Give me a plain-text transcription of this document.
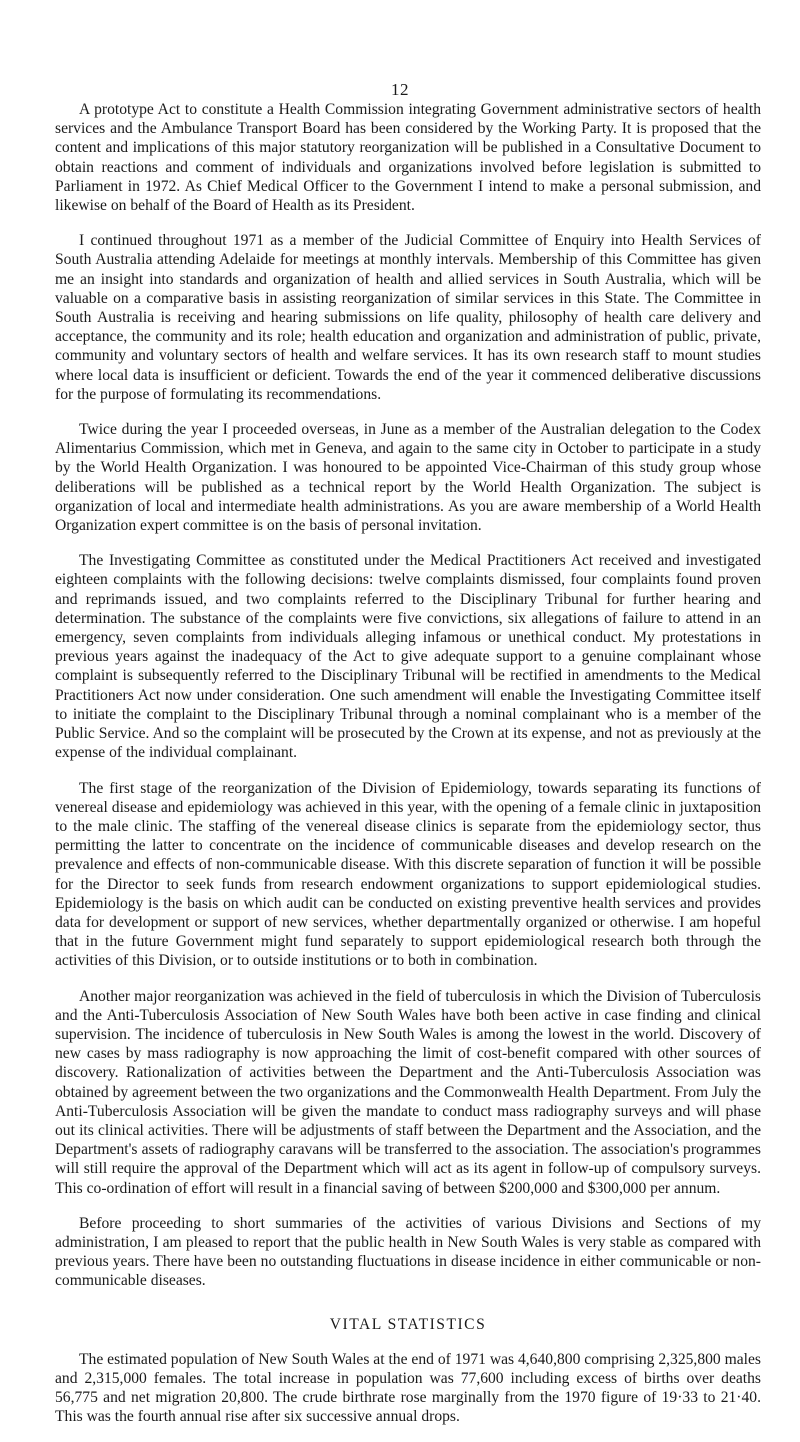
12

A prototype Act to constitute a Health Commission integrating Government administrative sectors of health services and the Ambulance Transport Board has been considered by the Working Party. It is proposed that the content and implications of this major statutory reorganization will be published in a Consultative Document to obtain reactions and comment of individuals and organizations involved before legislation is submitted to Parliament in 1972. As Chief Medical Officer to the Government I intend to make a personal submission, and likewise on behalf of the Board of Health as its President.

I continued throughout 1971 as a member of the Judicial Committee of Enquiry into Health Services of South Australia attending Adelaide for meetings at monthly intervals. Membership of this Committee has given me an insight into standards and organization of health and allied services in South Australia, which will be valuable on a comparative basis in assisting reorganization of similar services in this State. The Committee in South Australia is receiving and hearing submissions on life quality, philosophy of health care delivery and acceptance, the community and its role; health education and organization and administration of public, private, community and voluntary sectors of health and welfare services. It has its own research staff to mount studies where local data is insufficient or deficient. Towards the end of the year it commenced deliberative discussions for the purpose of formulating its recommendations.

Twice during the year I proceeded overseas, in June as a member of the Australian delegation to the Codex Alimentarius Commission, which met in Geneva, and again to the same city in October to participate in a study by the World Health Organization. I was honoured to be appointed Vice-Chairman of this study group whose deliberations will be published as a technical report by the World Health Organization. The subject is organization of local and intermediate health administrations. As you are aware membership of a World Health Organization expert committee is on the basis of personal invitation.

The Investigating Committee as constituted under the Medical Practitioners Act received and investigated eighteen complaints with the following decisions: twelve complaints dismissed, four complaints found proven and reprimands issued, and two complaints referred to the Disciplinary Tribunal for further hearing and determination. The substance of the complaints were five convictions, six allegations of failure to attend in an emergency, seven complaints from individuals alleging infamous or unethical conduct. My protestations in previous years against the inadequacy of the Act to give adequate support to a genuine complainant whose complaint is subsequently referred to the Disciplinary Tribunal will be rectified in amendments to the Medical Practitioners Act now under consideration. One such amendment will enable the Investigating Committee itself to initiate the complaint to the Disciplinary Tribunal through a nominal complainant who is a member of the Public Service. And so the complaint will be prosecuted by the Crown at its expense, and not as previously at the expense of the individual complainant.

The first stage of the reorganization of the Division of Epidemiology, towards separating its functions of venereal disease and epidemiology was achieved in this year, with the opening of a female clinic in juxtaposition to the male clinic. The staffing of the venereal disease clinics is separate from the epidemiology sector, thus permitting the latter to concentrate on the incidence of communicable diseases and develop research on the prevalence and effects of non-communicable disease. With this discrete separation of function it will be possible for the Director to seek funds from research endowment organizations to support epidemiological studies. Epidemiology is the basis on which audit can be conducted on existing preventive health services and provides data for development or support of new services, whether departmentally organized or otherwise. I am hopeful that in the future Government might fund separately to support epidemiological research both through the activities of this Division, or to outside institutions or to both in combination.

Another major reorganization was achieved in the field of tuberculosis in which the Division of Tuberculosis and the Anti-Tuberculosis Association of New South Wales have both been active in case finding and clinical supervision. The incidence of tuberculosis in New South Wales is among the lowest in the world. Discovery of new cases by mass radiography is now approaching the limit of cost-benefit compared with other sources of discovery. Rationalization of activities between the Department and the Anti-Tuberculosis Association was obtained by agreement between the two organizations and the Commonwealth Health Department. From July the Anti-Tuberculosis Association will be given the mandate to conduct mass radiography surveys and will phase out its clinical activities. There will be adjustments of staff between the Department and the Association, and the Department's assets of radiography caravans will be transferred to the association. The association's programmes will still require the approval of the Department which will act as its agent in follow-up of compulsory surveys. This co-ordination of effort will result in a financial saving of between $200,000 and $300,000 per annum.

Before proceeding to short summaries of the activities of various Divisions and Sections of my administration, I am pleased to report that the public health in New South Wales is very stable as compared with previous years. There have been no outstanding fluctuations in disease incidence in either communicable or non-communicable diseases.

VITAL STATISTICS

The estimated population of New South Wales at the end of 1971 was 4,640,800 comprising 2,325,800 males and 2,315,000 females. The total increase in population was 77,600 including excess of births over deaths 56,775 and net migration 20,800. The crude birthrate rose marginally from the 1970 figure of 19·33 to 21·40. This was the fourth annual rise after six successive annual drops.
